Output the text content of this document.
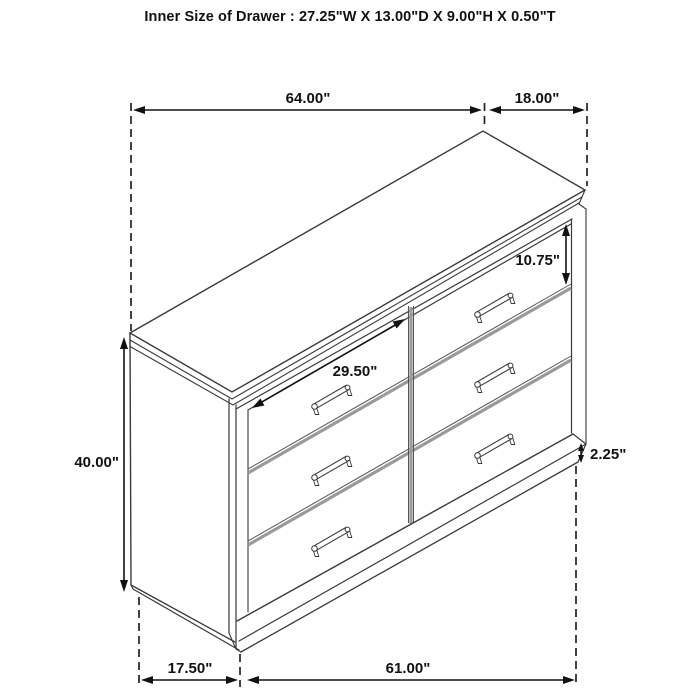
Inner Size of Drawer : 27.25"W X 13.00"D X 9.00"H X 0.50"T
64.00"	18.00"
10.75"
29.50"
40.00"	2.25"
17.50"	61.00"
